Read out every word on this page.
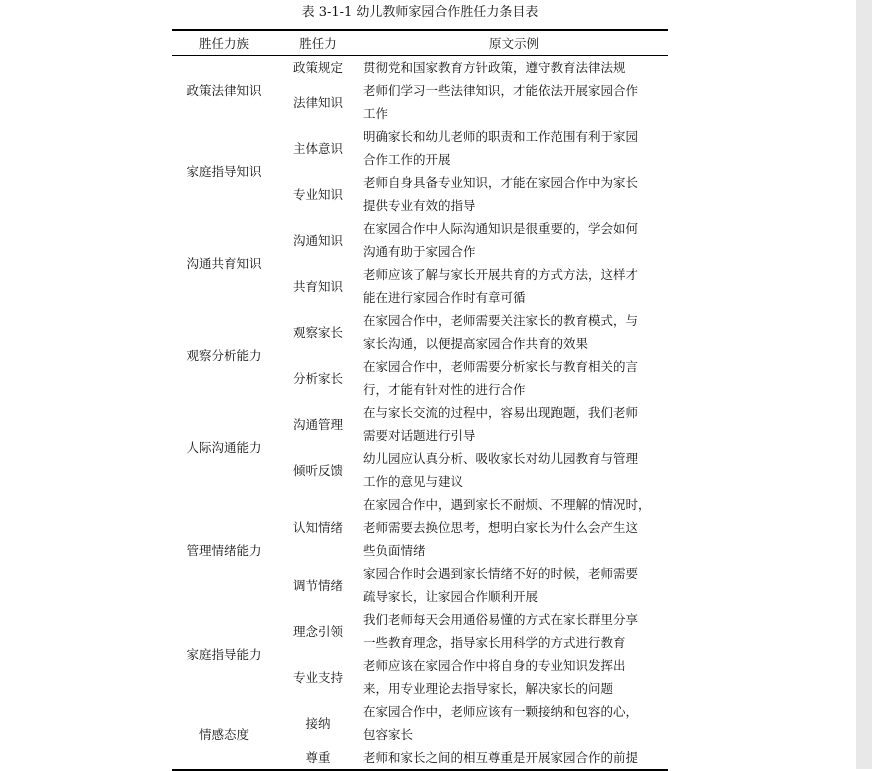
表 3-1-1 幼儿教师家园合作胜任力条目表
胜任力族	胜任力	原文示例
政策法律知识	政策规定	贯彻党和国家教育方针政策，遵守教育法律法规
	法律知识	老师们学习一些法律知识，才能依法开展家园合作
工作
家庭指导知识	主体意识	明确家长和幼儿老师的职责和工作范围有利于家园
合作工作的开展
	专业知识	老师自身具备专业知识，才能在家园合作中为家长
提供专业有效的指导
沟通共育知识	沟通知识	在家园合作中人际沟通知识是很重要的，学会如何
沟通有助于家园合作
	共育知识	老师应该了解与家长开展共育的方式方法，这样才
能在进行家园合作时有章可循
观察分析能力	观察家长	在家园合作中，老师需要关注家长的教育模式，与
家长沟通，以便提高家园合作共育的效果
	分析家长	在家园合作中，老师需要分析家长与教育相关的言
行，才能有针对性的进行合作
人际沟通能力	沟通管理	在与家长交流的过程中，容易出现跑题，我们老师
需要对话题进行引导
	倾听反馈	幼儿园应认真分析、吸收家长对幼儿园教育与管理
工作的意见与建议
管理情绪能力	认知情绪	在家园合作中，遇到家长不耐烦、不理解的情况时，
老师需要去换位思考，想明白家长为什么会产生这
些负面情绪
	调节情绪	家园合作时会遇到家长情绪不好的时候，老师需要
疏导家长，让家园合作顺利开展
家庭指导能力	理念引领	我们老师每天会用通俗易懂的方式在家长群里分享
一些教育理念，指导家长用科学的方式进行教育
	专业支持	老师应该在家园合作中将自身的专业知识发挥出
来，用专业理论去指导家长，解决家长的问题
情感态度	接纳	在家园合作中，老师应该有一颗接纳和包容的心，
包容家长
	尊重	老师和家长之间的相互尊重是开展家园合作的前提
